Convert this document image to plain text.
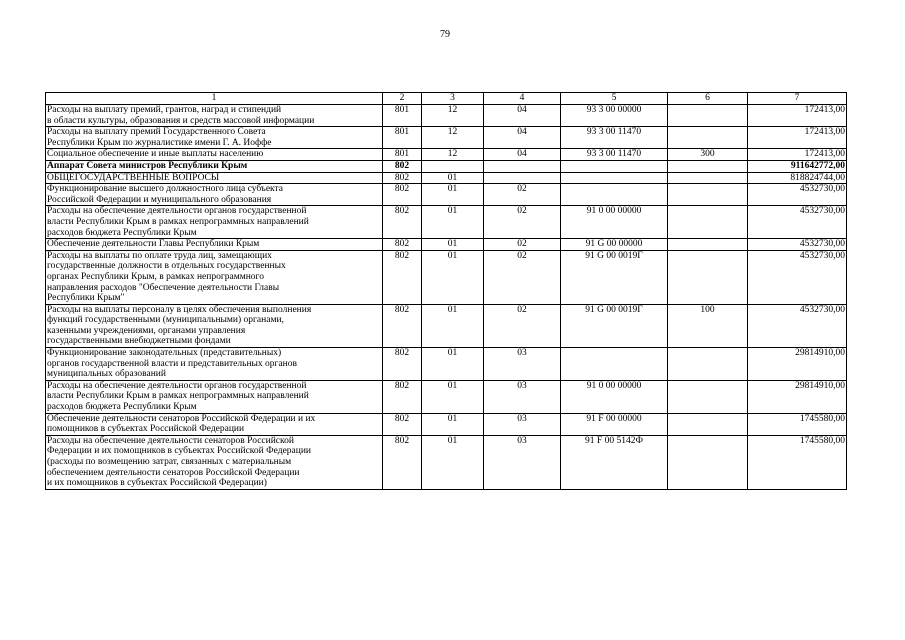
79
1	2	3	4	5	6	7

Расходы на выплату премий, грантов, наград и стипендий
в области культуры, образования и средств массовой информации	801	12	04	93 3 00 00000		172413,00

Расходы на выплату премий Государственного Совета
Республики Крым по журналистике имени Г. А. Иоффе	801	12	04	93 3 00 11470		172413,00

Социальное обеспечение и иные выплаты населению	801	12	04	93 3 00 11470	300	172413,00

Аппарат Совета министров Республики Крым	802					911642772,00

ОБЩЕГОСУДАРСТВЕННЫЕ ВОПРОСЫ	802	01				818824744,00

Функционирование высшего должностного лица субъекта
Российской Федерации и муниципального образования	802	01	02			4532730,00

Расходы на обеспечение деятельности органов государственной
власти Республики Крым в рамках непрограммных направлений
расходов бюджета Республики Крым	802	01	02	91 0 00 00000		4532730,00

Обеспечение деятельности Главы Республики Крым	802	01	02	91 G 00 00000		4532730,00

Расходы на выплаты по оплате труда лиц, замещающих
государственные должности в отдельных государственных
органах Республики Крым, в рамках непрограммного
направления расходов "Обеспечение деятельности Главы
Республики Крым"	802	01	02	91 G 00 0019Г		4532730,00

Расходы на выплаты персоналу в целях обеспечения выполнения
функций государственными (муниципальными) органами,
казенными учреждениями, органами управления
государственными внебюджетными фондами	802	01	02	91 G 00 0019Г	100	4532730,00

Функционирование законодательных (представительных)
органов государственной власти и представительных органов
муниципальных образований	802	01	03			29814910,00

Расходы на обеспечение деятельности органов государственной
власти Республики Крым в рамках непрограммных направлений
расходов бюджета Республики Крым	802	01	03	91 0 00 00000		29814910,00

Обеспечение деятельности сенаторов Российской Федерации и их
помощников в субъектах Российской Федерации	802	01	03	91 F 00 00000		1745580,00

Расходы на обеспечение деятельности сенаторов Российской
Федерации и их помощников в субъектах Российской Федерации
(расходы по возмещению затрат, связанных с материальным
обеспечением деятельности сенаторов Российской Федерации
и их помощников в субъектах Российской Федерации)	802	01	03	91 F 00 5142Ф		1745580,00
